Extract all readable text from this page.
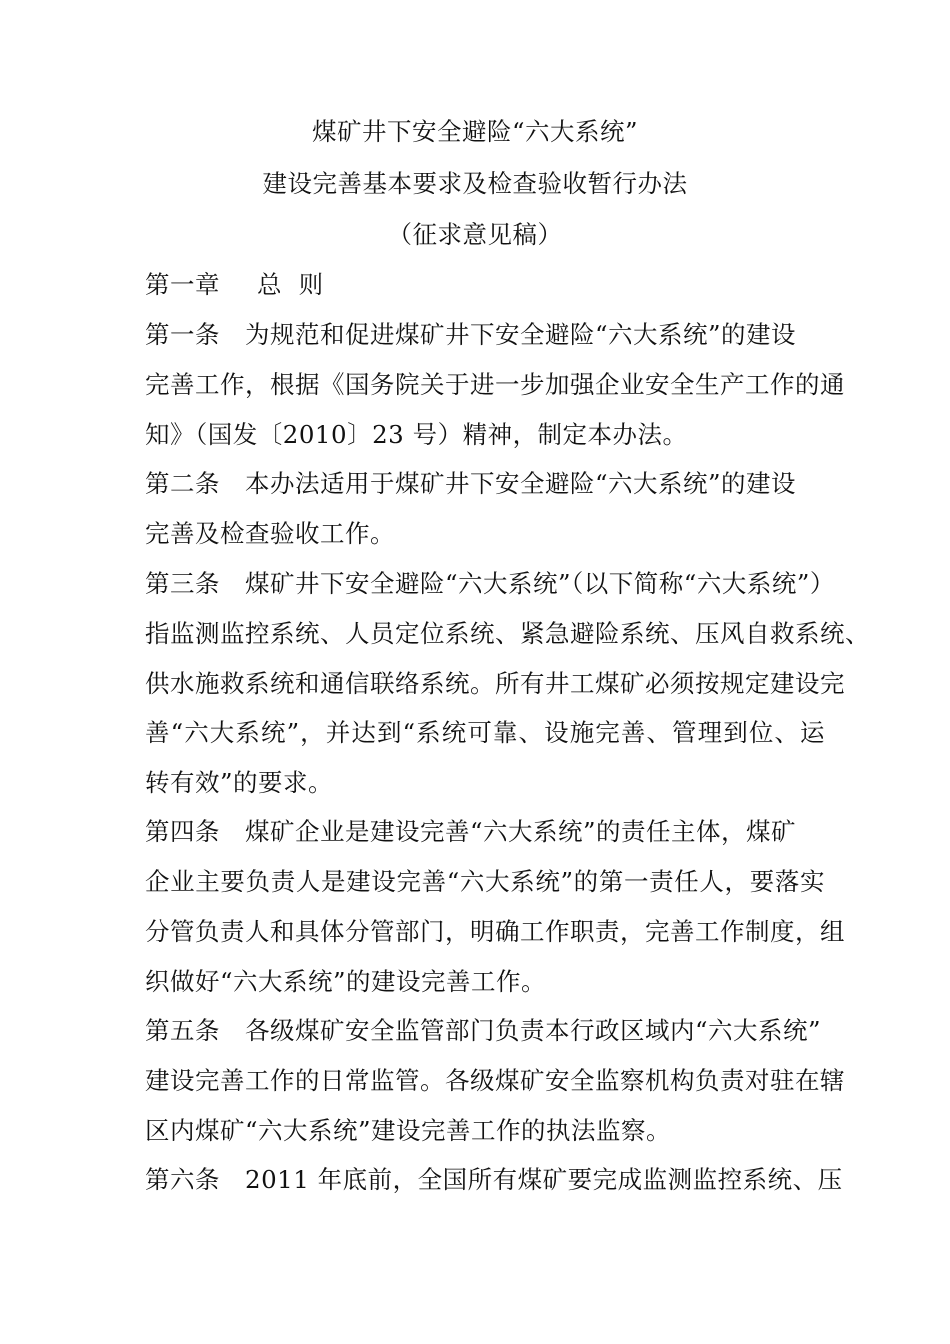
煤矿井下安全避险“六大系统”
建设完善基本要求及检查验收暂行办法
（征求意见稿）
第一章 总  则
第一条 为规范和促进煤矿井下安全避险“六大系统”的建设
完善工作，根据《国务院关于进一步加强企业安全生产工作的通
知》（国发〔2010〕23 号）精神，制定本办法。
第二条 本办法适用于煤矿井下安全避险“六大系统”的建设
完善及检查验收工作。
第三条 煤矿井下安全避险“六大系统”（以下简称“六大系统”）
指监测监控系统、人员定位系统、紧急避险系统、压风自救系统、
供水施救系统和通信联络系统。所有井工煤矿必须按规定建设完
善“六大系统”，并达到“系统可靠、设施完善、管理到位、运
转有效”的要求。
第四条 煤矿企业是建设完善“六大系统”的责任主体，煤矿
企业主要负责人是建设完善“六大系统”的第一责任人，要落实
分管负责人和具体分管部门，明确工作职责，完善工作制度，组
织做好“六大系统”的建设完善工作。
第五条 各级煤矿安全监管部门负责本行政区域内“六大系统”
建设完善工作的日常监管。各级煤矿安全监察机构负责对驻在辖
区内煤矿“六大系统”建设完善工作的执法监察。
第六条 2011 年底前，全国所有煤矿要完成监测监控系统、压
